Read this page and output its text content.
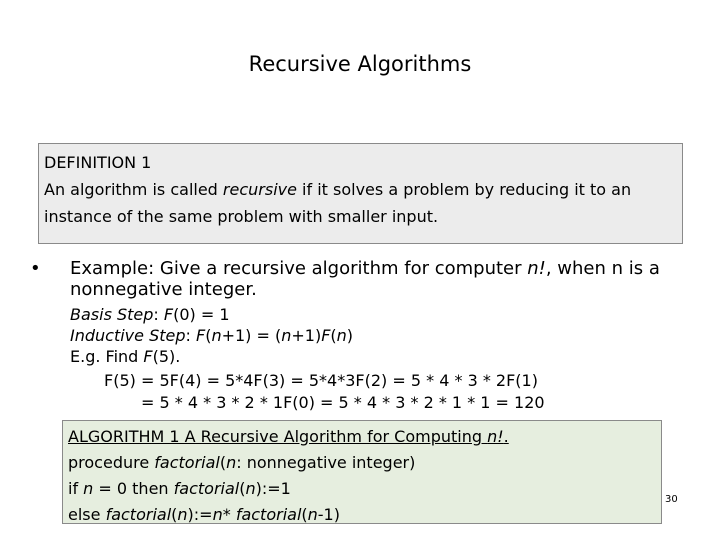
Recursive Algorithms
DEFINITION 1
An algorithm is called recursive if it solves a problem by reducing it to an
instance of the same problem with smaller input.
• Example: Give a recursive algorithm for computer n!, when n is a nonnegative integer.
Basis Step: F(0) = 1
Inductive Step: F(n+1) = (n+1)F(n)
E.g. Find F(5).
F(5) = 5F(4) = 5*4F(3) = 5*4*3F(2) = 5 * 4 * 3 * 2F(1)
= 5 * 4 * 3 * 2 * 1F(0) = 5 * 4 * 3 * 2 * 1 * 1 = 120
ALGORITHM 1 A Recursive Algorithm for Computing n!.
procedure factorial(n: nonnegative integer)
if n = 0 then factorial(n):=1
else factorial(n):=n* factorial(n-1)
30
